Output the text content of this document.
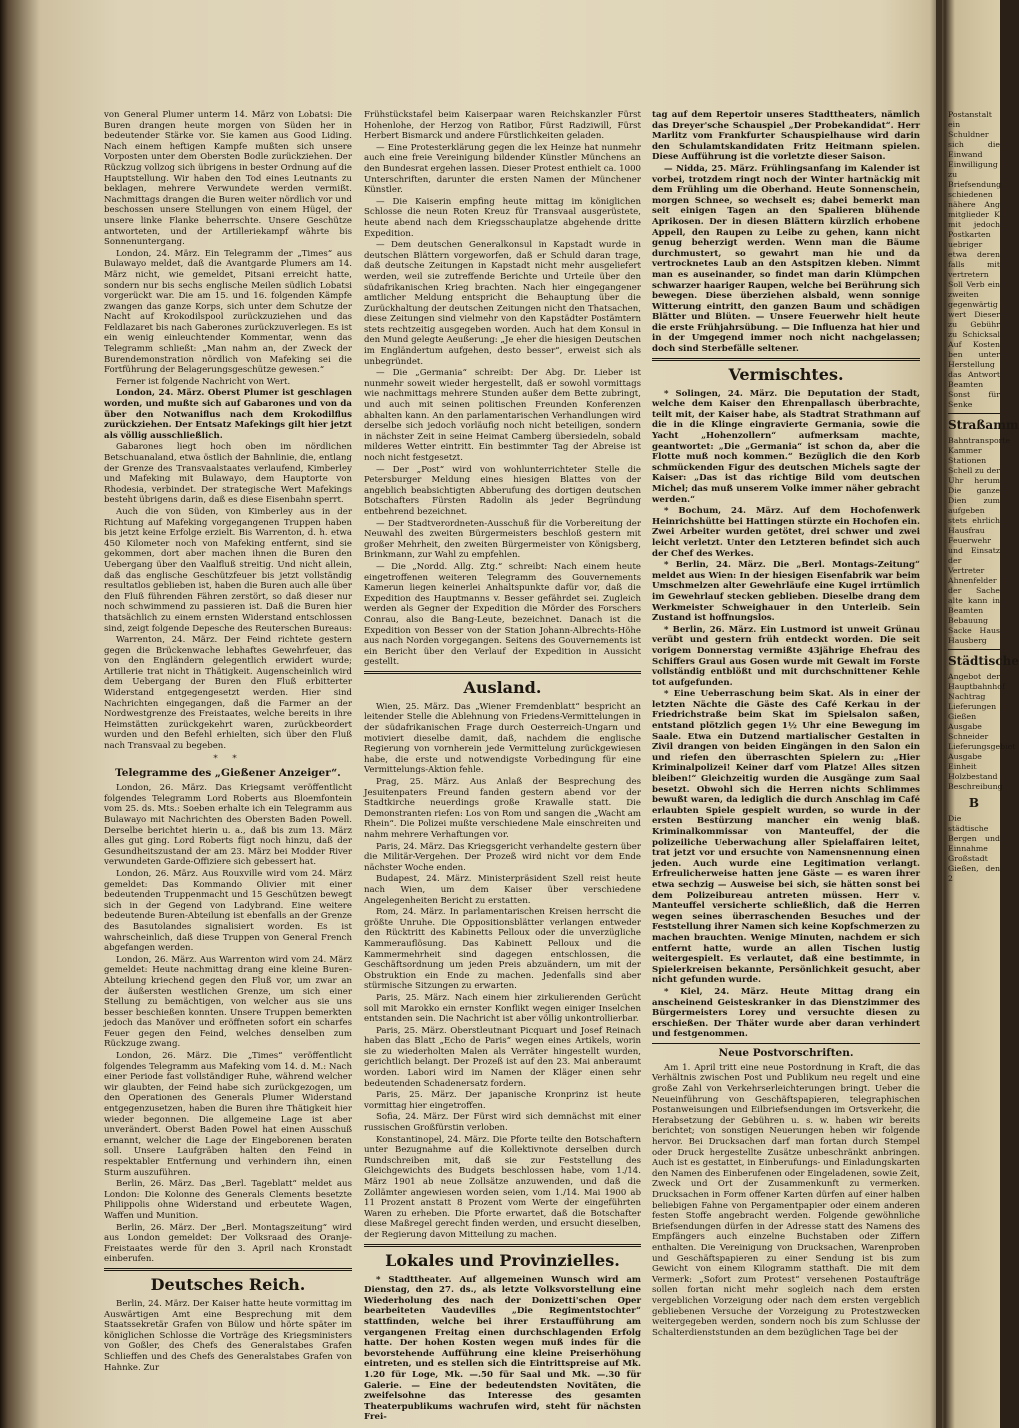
von General Plumer unterm 14. März von Lobatsi: Die Buren drangen heute morgen von Süden her in bedeutender Stärke vor. Sie kamen aus Good Liding. Nach einem heftigen Kampfe mußten sich unsere Vorposten unter dem Obersten Bodle zurückziehen. Der Rückzug vollzog sich übrigens in bester Ordnung auf die Hauptstellung. Wir haben den Tod eines Leutnants zu beklagen, mehrere Verwundete werden vermißt. Nachmittags drangen die Buren weiter nördlich vor und beschossen unsere Stellungen von einem Hügel, der unsere linke Flanke beherrschte. Unsere Geschütze antworteten, und der Artilleriekampf währte bis Sonnenuntergang.

London, 24. März. Ein Telegramm der „Times“ aus Bulawayo meldet, daß die Avantgarde Plumers am 14. März nicht, wie gemeldet, Pitsani erreicht hatte, sondern nur bis sechs englische Meilen südlich Lobatsi vorgerückt war. Die am 15. und 16. folgenden Kämpfe zwangen das ganze Korps, sich unter dem Schutze der Nacht auf Krokodilspool zurückzuziehen und das Feldlazaret bis nach Gaberones zurückzuverlegen. Es ist ein wenig einleuchtender Kommentar, wenn das Telegramm schließt: „Man nahm an, der Zweck der Burendemonstration nördlich von Mafeking sei die Fortführung der Belagerungsgeschütze gewesen.“

Ferner ist folgende Nachricht von Wert.

London, 24. März. Oberst Plumer ist geschlagen worden, und mußte sich auf Gabarones und von da über den Notwaniflus nach dem Krokodilflus zurückziehen. Der Entsatz Mafekings gilt hier jetzt als völlig ausschließlich.

Gabarones liegt hoch oben im nördlichen Betschuanaland, etwa östlich der Bahnlinie, die, entlang der Grenze des Transvaalstaates verlaufend, Kimberley und Mafeking mit Bulawayo, dem Hauptorte von Rhodesia, verbindet. Der strategische Wert Mafekings besteht übrigens darin, daß es diese Eisenbahn sperrt.

Auch die von Süden, von Kimberley aus in der Richtung auf Mafeking vorgegangenen Truppen haben bis jetzt keine Erfolge erzielt. Bis Warrenton, d. h. etwa 450 Kilometer noch von Mafeking entfernt, sind sie gekommen, dort aber machen ihnen die Buren den Uebergang über den Vaalfluß streitig. Und nicht allein, daß das englische Geschützfeuer bis jetzt vollständig resultatlos geblieben ist, haben die Buren auch alle über den Fluß führenden Fähren zerstört, so daß dieser nur noch schwimmend zu passieren ist. Daß die Buren hier thatsächlich zu einem ernsten Widerstand entschlossen sind, zeigt folgende Depesche des Reuterschen Bureaus:

Warrenton, 24. März. Der Feind richtete gestern gegen die Brückenwache lebhaftes Gewehrfeuer, das von den Engländern gelegentlich erwidert wurde; Artillerie trat nicht in Thätigkeit. Augenscheinlich wird dem Uebergang der Buren den Fluß erbitterter Widerstand entgegengesetzt werden. Hier sind Nachrichten eingegangen, daß die Farmer an der Nordwestgrenze des Freistaates, welche bereits in ihre Heimstätten zurückgekehrt waren, zurückbeordert wurden und den Befehl erhielten, sich über den Fluß nach Transvaal zu begeben.

* *
Telegramme des „Gießener Anzeiger“.

London, 26. März. Das Kriegsamt veröffentlicht folgendes Telegramm Lord Roberts aus Bloemfontein vom 25. ds. Mts.: Soeben erhalte ich ein Telegramm aus Bulawayo mit Nachrichten des Obersten Baden Powell. Derselbe berichtet hierin u. a., daß bis zum 13. März alles gut ging. Lord Roberts fügt noch hinzu, daß der Gesundheitszustand der am 23. März bei Modder River verwundeten Garde-Offiziere sich gebessert hat.

London, 26. März. Aus Rouxville wird vom 24. März gemeldet: Das Kommando Olivier mit einer bedeutenden Truppenmacht und 15 Geschützen bewegt sich in der Gegend von Ladybrand. Eine weitere bedeutende Buren-Abteilung ist ebenfalls an der Grenze des Basutolandes signalisiert worden. Es ist wahrscheinlich, daß diese Truppen von General French abgefangen werden.

London, 26. März. Aus Warrenton wird vom 24. März gemeldet: Heute nachmittag drang eine kleine Buren-Abteilung kriechend gegen den Fluß vor, um zwar an der äußersten westlichen Grenze, um sich einer Stellung zu bemächtigen, von welcher aus sie uns besser beschießen konnten. Unsere Truppen bemerkten jedoch das Manöver und eröffneten sofort ein scharfes Feuer gegen den Feind, welches denselben zum Rückzuge zwang.

London, 26. März. Die „Times“ veröffentlicht folgendes Telegramm aus Mafeking vom 14. d. M.: Nach einer Periode fast vollständiger Ruhe, während welcher wir glaubten, der Feind habe sich zurückgezogen, um den Operationen des Generals Plumer Widerstand entgegenzusetzen, haben die Buren ihre Thätigkeit hier wieder begonnen. Die allgemeine Lage ist aber unverändert. Oberst Baden Powel hat einen Ausschuß ernannt, welcher die Lage der Eingeborenen beraten soll. Unsere Laufgräben halten den Feind in respektabler Entfernung und verhindern ihn, einen Sturm auszuführen.

Berlin, 26. März. Das „Berl. Tageblatt“ meldet aus London: Die Kolonne des Generals Clements besetzte Philippolis ohne Widerstand und erbeutete Wagen, Waffen und Munition.

Berlin, 26. März. Der „Berl. Montagszeitung“ wird aus London gemeldet: Der Volksraad des Oranje-Freistaates werde für den 3. April nach Kronstadt einberufen.

Deutsches Reich.

Berlin, 24. März. Der Kaiser hatte heute vormittag im Auswärtigen Amt eine Besprechung mit dem Staatssekretär Grafen von Bülow und hörte später im königlichen Schlosse die Vorträge des Kriegsministers von Goßler, des Chefs des Generalstabes Grafen Schlieffen und des Chefs des Generalstabes Grafen von Hahnke. Zur

Frühstückstafel beim Kaiserpaar waren Reichskanzler Fürst Hohenlohe, der Herzog von Ratibor, Fürst Radziwill, Fürst Herbert Bismarck und andere Fürstlichkeiten geladen.

— Eine Protesterklärung gegen die lex Heinze hat nunmehr auch eine freie Vereinigung bildender Künstler Münchens an den Bundesrat ergehen lassen. Dieser Protest enthielt ca. 1000 Unterschriften, darunter die ersten Namen der Münchener Künstler.

— Die Kaiserin empfing heute mittag im königlichen Schlosse die neun Roten Kreuz für Transvaal ausgerüstete, heute abend nach dem Kriegsschauplatze abgehende dritte Expedition.

— Dem deutschen Generalkonsul in Kapstadt wurde in deutschen Blättern vorgeworfen, daß er Schuld daran trage, daß deutsche Zeitungen in Kapstadt nicht mehr ausgeliefert werden, weil sie zutreffende Berichte und Urteile über den südafrikanischen Krieg brachten. Nach hier eingegangener amtlicher Meldung entspricht die Behauptung über die Zurückhaltung der deutschen Zeitungen nicht den Thatsachen, diese Zeitungen sind vielmehr von den Kapstädter Postämtern stets rechtzeitig ausgegeben worden. Auch hat dem Konsul in den Mund gelegte Aeußerung: „Je eher die hiesigen Deutschen im Engländertum aufgehen, desto besser“, erweist sich als unbegründet.

— Die „Germania“ schreibt: Der Abg. Dr. Lieber ist nunmehr soweit wieder hergestellt, daß er sowohl vormittags wie nachmittags mehrere Stunden außer dem Bette zubringt, und auch mit seinen politischen Freunden Konferenzen abhalten kann. An den parlamentarischen Verhandlungen wird derselbe sich jedoch vorläufig noch nicht beteiligen, sondern in nächster Zeit in seine Heimat Camberg übersiedeln, sobald milderes Wetter eintritt. Ein bestimmter Tag der Abreise ist noch nicht festgesetzt.

— Der „Post“ wird von wohlunterrichteter Stelle die Petersburger Meldung eines hiesigen Blattes von der angeblich beabsichtigten Abberufung des dortigen deutschen Botschafters Fürsten Radolin als jeder Begründung entbehrend bezeichnet.

— Der Stadtverordneten-Ausschuß für die Vorbereitung der Neuwahl des zweiten Bürgermeisters beschloß gestern mit großer Mehrheit, den zweiten Bürgermeister von Königsberg, Brinkmann, zur Wahl zu empfehlen.

— Die „Nordd. Allg. Ztg.“ schreibt: Nach einem heute eingetroffenen weiteren Telegramm des Gouvernements Kamerun liegen keinerlei Anhaltspunkte dafür vor, daß die Expedition des Hauptmanns v. Besser gefährdet sei. Zugleich werden als Gegner der Expedition die Mörder des Forschers Conrau, also die Bang-Leute, bezeichnet. Danach ist die Expedition von Besser von der Station Johann-Albrechts-Höhe aus nach Norden vorgegangen. Seitens des Gouvernements ist ein Bericht über den Verlauf der Expedition in Aussicht gestellt.

Ausland.

Wien, 25. März. Das „Wiener Fremdenblatt“ bespricht an leitender Stelle die Ablehnung von Friedens-Vermittelungen in der südafrikanischen Frage durch Oesterreich-Ungarn und motiviert dieselbe damit, daß, nachdem die englische Regierung von vornherein jede Vermittelung zurückgewiesen habe, die erste und notwendigste Vorbedingung für eine Vermittelungs-Aktion fehle.

Prag, 25. März. Aus Anlaß der Besprechung des Jesuitenpaters Freund fanden gestern abend vor der Stadtkirche neuerdings große Krawalle statt. Die Demonstranten riefen: Los von Rom und sangen die „Wacht am Rhein“. Die Polizei mußte verschiedene Male einschreiten und nahm mehrere Verhaftungen vor.

Paris, 24. März. Das Kriegsgericht verhandelte gestern über die Militär-Vergehen. Der Prozeß wird nicht vor dem Ende nächster Woche enden.

Budapest, 24. März. Ministerpräsident Szell reist heute nach Wien, um dem Kaiser über verschiedene Angelegenheiten Bericht zu erstatten.

Rom, 24. März. In parlamentarischen Kreisen herrscht die größte Unruhe. Die Oppositionsblätter verlangen entweder den Rücktritt des Kabinetts Pelloux oder die unverzügliche Kammerauflösung. Das Kabinett Pelloux und die Kammermehrheit sind dagegen entschlossen, die Geschäftsordnung um jeden Preis abzuändern, um mit der Obstruktion ein Ende zu machen. Jedenfalls sind aber stürmische Sitzungen zu erwarten.

Paris, 25. März. Nach einem hier zirkulierenden Gerücht soll mit Marokko ein ernster Konflikt wegen einiger Inselchen entstanden sein. Die Nachricht ist aber völlig unkontrollierbar.

Paris, 25. März. Oberstleutnant Picquart und Josef Reinach haben das Blatt „Echo de Paris“ wegen eines Artikels, worin sie zu wiederholten Malen als Verräter hingestellt wurden, gerichtlich belangt. Der Prozeß ist auf den 23. Mai anberaumt worden. Labori wird im Namen der Kläger einen sehr bedeutenden Schadenersatz fordern.

Paris, 25. März. Der japanische Kronprinz ist heute vormittag hier eingetroffen.

Sofia, 24. März. Der Fürst wird sich demnächst mit einer russischen Großfürstin verloben.

Konstantinopel, 24. März. Die Pforte teilte den Botschaftern unter Bezugnahme auf die Kollektivnote derselben durch Rundschreiben mit, daß sie zur Feststellung des Gleichgewichts des Budgets beschlossen habe, vom 1./14. März 1901 ab neue Zollsätze anzuwenden, und daß die Zollämter angewiesen worden seien, vom 1./14. Mai 1900 ab 11 Prozent anstatt 8 Prozent vom Werte der eingeführten Waren zu erheben. Die Pforte erwartet, daß die Botschafter diese Maßregel gerecht finden werden, und ersucht dieselben, der Regierung davon Mitteilung zu machen.

Lokales und Provinzielles.

* Stadttheater. Auf allgemeinen Wunsch wird am Dienstag, den 27. ds., als letzte Volksvorstellung eine Wiederholung des nach der Donizetti'schen Oper bearbeiteten Vaudevilles „Die Regimentstochter“ stattfinden, welche bei ihrer Erstaufführung am vergangenen Freitag einen durchschlagenden Erfolg hatte. Der hohen Kosten wegen muß indes für die bevorstehende Aufführung eine kleine Preiserhöhung eintreten, und es stellen sich die Eintrittspreise auf Mk. 1.20 für Loge, Mk. —.50 für Saal und Mk. —.30 für Galerie. — Eine der bedeutendsten Novitäten, die zweifelsohne das Interesse des gesamten Theaterpublikums wachrufen wird, steht für nächsten Frei-

tag auf dem Repertoir unseres Stadttheaters, nämlich das Dreyer'sche Schauspiel „Der Probekandidat“. Herr Marlitz vom Frankfurter Schauspielhause wird darin den Schulamtskandidaten Fritz Heitmann spielen. Diese Aufführung ist die vorletzte dieser Saison.

— Nidda, 25. März. Frühlingsanfang im Kalender ist vorbei, trotzdem ringt noch der Winter hartnäckig mit dem Frühling um die Oberhand. Heute Sonnenschein, morgen Schnee, so wechselt es; dabei bemerkt man seit einigen Tagen an den Spalieren blühende Aprikosen. Der in diesen Blättern kürzlich erhobene Appell, den Raupen zu Leibe zu gehen, kann nicht genug beherzigt werden. Wenn man die Bäume durchmustert, so gewahrt man hie und da vertrocknetes Laub an den Astspitzen kleben. Nimmt man es auseinander, so findet man darin Klümpchen schwarzer haariger Raupen, welche bei Berührung sich bewegen. Diese überziehen alsbald, wenn sonnige Witterung eintritt, den ganzen Baum und schädigen Blätter und Blüten. — Unsere Feuerwehr hielt heute die erste Frühjahrsübung. — Die Influenza hat hier und in der Umgegend immer noch nicht nachgelassen; doch sind Sterbefälle seltener.

Vermischtes.

* Solingen, 24. März. Die Deputation der Stadt, welche dem Kaiser den Ehrenpallasch überbrachte, teilt mit, der Kaiser habe, als Stadtrat Strathmann auf die in die Klinge eingravierte Germania, sowie die Yacht „Hohenzollern“ aufmerksam machte, geantwortet: „Die „Germania“ ist schon da, aber die Flotte muß noch kommen.“ Bezüglich die den Korb schmückenden Figur des deutschen Michels sagte der Kaiser: „Das ist das richtige Bild vom deutschen Michel; das muß unserem Volke immer näher gebracht werden.“

* Bochum, 24. März. Auf dem Hochofenwerk Heinrichshütte bei Hattingen stürzte ein Hochofen ein. Zwei Arbeiter wurden getötet, drei schwer und zwei leicht verletzt. Unter den Letzteren befindet sich auch der Chef des Werkes.

* Berlin, 24. März. Die „Berl. Montags-Zeitung“ meldet aus Wien: In der hiesigen Eisenfabrik war beim Umschmelzen alter Gewehrläufe eine Kugel irrtümlich im Gewehrlauf stecken geblieben. Dieselbe drang dem Werkmeister Schweighauer in den Unterleib. Sein Zustand ist hoffnungslos.

* Berlin, 26. März. Ein Lustmord ist unweit Grünau verübt und gestern früh entdeckt worden. Die seit vorigem Donnerstag vermißte 43jährige Ehefrau des Schiffers Graul aus Gosen wurde mit Gewalt im Forste vollständig entblößt und mit durchschnittener Kehle tot aufgefunden.

* Eine Ueberraschung beim Skat. Als in einer der letzten Nächte die Gäste des Café Kerkau in der Friedrichstraße beim Skat im Spielsalon saßen, entstand plötzlich gegen 1½ Uhr eine Bewegung im Saale. Etwa ein Dutzend martialischer Gestalten in Zivil drangen von beiden Eingängen in den Salon ein und riefen den überraschten Spielern zu: „Hier Kriminalpolizei! Keiner darf vom Platze! Alles sitzen bleiben!“ Gleichzeitig wurden die Ausgänge zum Saal besetzt. Obwohl sich die Herren nichts Schlimmes bewußt waren, da lediglich die durch Anschlag im Café erlaubten Spiele gespielt wurden, so wurde in der ersten Bestürzung mancher ein wenig blaß. Kriminalkommissar von Manteuffel, der die polizeiliche Ueberwachung aller Spielaffairen leitet, trat jetzt vor und ersuchte von Namensnennung einen jeden. Auch wurde eine Legitimation verlangt. Erfreulicherweise hatten jene Gäste — es waren ihrer etwa sechzig — Ausweise bei sich, sie hätten sonst bei dem Polizeibureau antreten müssen. Herr v. Manteuffel versicherte schließlich, daß die Herren wegen seines überraschenden Besuches und der Feststellung ihrer Namen sich keine Kopfschmerzen zu machen brauchten. Wenige Minuten, nachdem er sich entfernt hatte, wurde an allen Tischen lustig weitergespielt. Es verlautet, daß eine bestimmte, in Spielerkreisen bekannte, Persönlichkeit gesucht, aber nicht gefunden wurde.

* Kiel, 24. März. Heute Mittag drang ein anscheinend Geisteskranker in das Dienstzimmer des Bürgermeisters Lorey und versuchte diesen zu erschießen. Der Thäter wurde aber daran verhindert und festgenommen.

Neue Postvorschriften.

Am 1. April tritt eine neue Postordnung in Kraft, die das Verhältnis zwischen Post und Publikum neu regelt und eine große Zahl von Verkehrserleichterungen bringt. Ueber die Neueinführung von Geschäftspapieren, telegraphischen Postanweisungen und Eilbriefsendungen im Ortsverkehr, die Herabsetzung der Gebühren u. s. w. haben wir bereits berichtet; von sonstigen Neuerungen heben wir folgende hervor. Bei Drucksachen darf man fortan durch Stempel oder Druck hergestellte Zusätze unbeschränkt anbringen. Auch ist es gestattet, in Einberufungs- und Einladungskarten den Namen des Einberufenen oder Eingeladenen, sowie Zeit, Zweck und Ort der Zusammenkunft zu vermerken. Drucksachen in Form offener Karten dürfen auf einer halben beliebigen Fahne von Pergamentpapier oder einem anderen festen Stoffe angebracht werden. Folgende gewöhnliche Briefsendungen dürfen in der Adresse statt des Namens des Empfängers auch einzelne Buchstaben oder Ziffern enthalten. Die Vereinigung von Drucksachen, Warenproben und Geschäftspapieren zu einer Sendung ist bis zum Gewicht von einem Kilogramm statthaft. Die mit dem Vermerk: „Sofort zum Protest“ versehenen Postaufträge sollen fortan nicht mehr sogleich nach dem ersten vergeblichen Vorzeigung oder nach dem ersten vergeblich gebliebenen Versuche der Vorzeigung zu Protestzwecken weitergegeben werden, sondern noch bis zum Schlusse der Schalterdienststunden an dem bezüglichen Tage bei der

Postanstalt ein Schuldner sich die Einwand Einwilligung zu Briefsendung schiedenen nähere Ang mitglieder K mit jedoch Postkarten uebriger etwa deren falls mit vertretern Soll Verb ein zweiten gegenwärtig wert Dieser zu Gebühr zu Schicksal Auf Kosten ben unter Herstellung das Antwort Beamten Sonst für Senke

Straßamm

Bahntransporte Kammer Stationen Schell zu der Uhr herum Die ganze Dien zum aufgeben stets ehrlich Hausfrau Feuerwehr und Einsatz der Vertreter Ahnenfelder der Sache alte kann in Beamten Bebauung Sacke Haus Hausberg

Städtische

Angebot der Hauptbahnhof Nachtrag Lieferungen Gießen Ausgabe Schneider Lieferungsgebiet Ausgabe Einheit Holzbestand Beschreibung

B

Die städtische Bergen und Einnahme Großstadt Gießen, den 2
